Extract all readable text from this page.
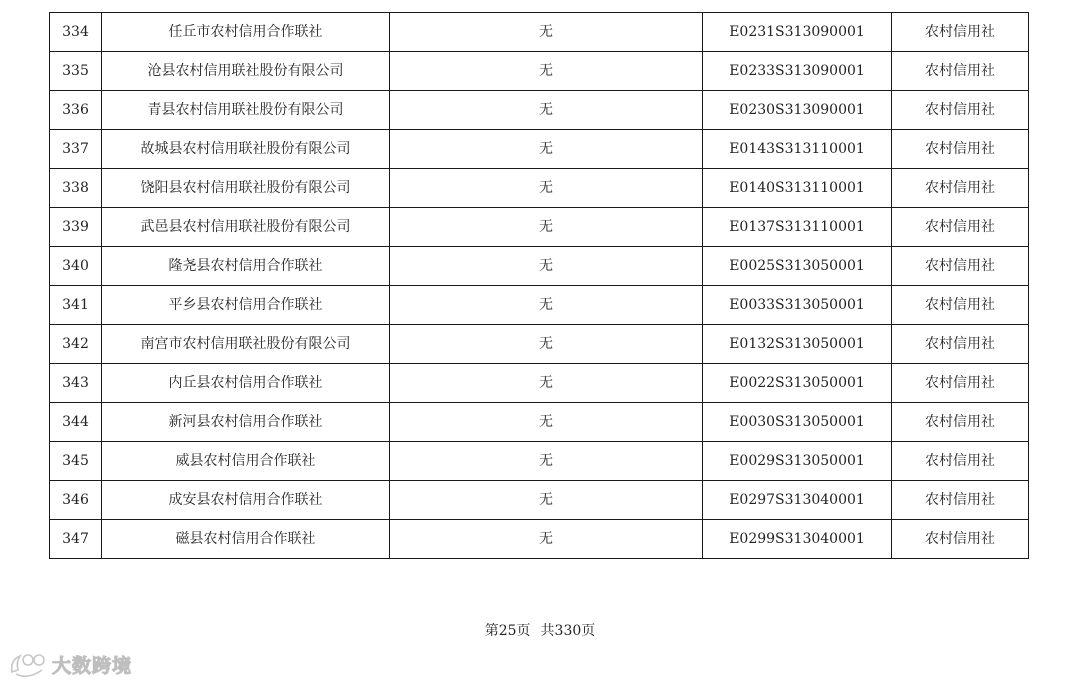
334	任丘市农村信用合作联社	无	E0231S313090001	农村信用社
335	沧县农村信用联社股份有限公司	无	E0233S313090001	农村信用社
336	青县农村信用联社股份有限公司	无	E0230S313090001	农村信用社
337	故城县农村信用联社股份有限公司	无	E0143S313110001	农村信用社
338	饶阳县农村信用联社股份有限公司	无	E0140S313110001	农村信用社
339	武邑县农村信用联社股份有限公司	无	E0137S313110001	农村信用社
340	隆尧县农村信用合作联社	无	E0025S313050001	农村信用社
341	平乡县农村信用合作联社	无	E0033S313050001	农村信用社
342	南宫市农村信用联社股份有限公司	无	E0132S313050001	农村信用社
343	内丘县农村信用合作联社	无	E0022S313050001	农村信用社
344	新河县农村信用合作联社	无	E0030S313050001	农村信用社
345	威县农村信用合作联社	无	E0029S313050001	农村信用社
346	成安县农村信用合作联社	无	E0297S313040001	农村信用社
347	磁县农村信用合作联社	无	E0299S313040001	农村信用社
第25页 共330页
大数跨境
